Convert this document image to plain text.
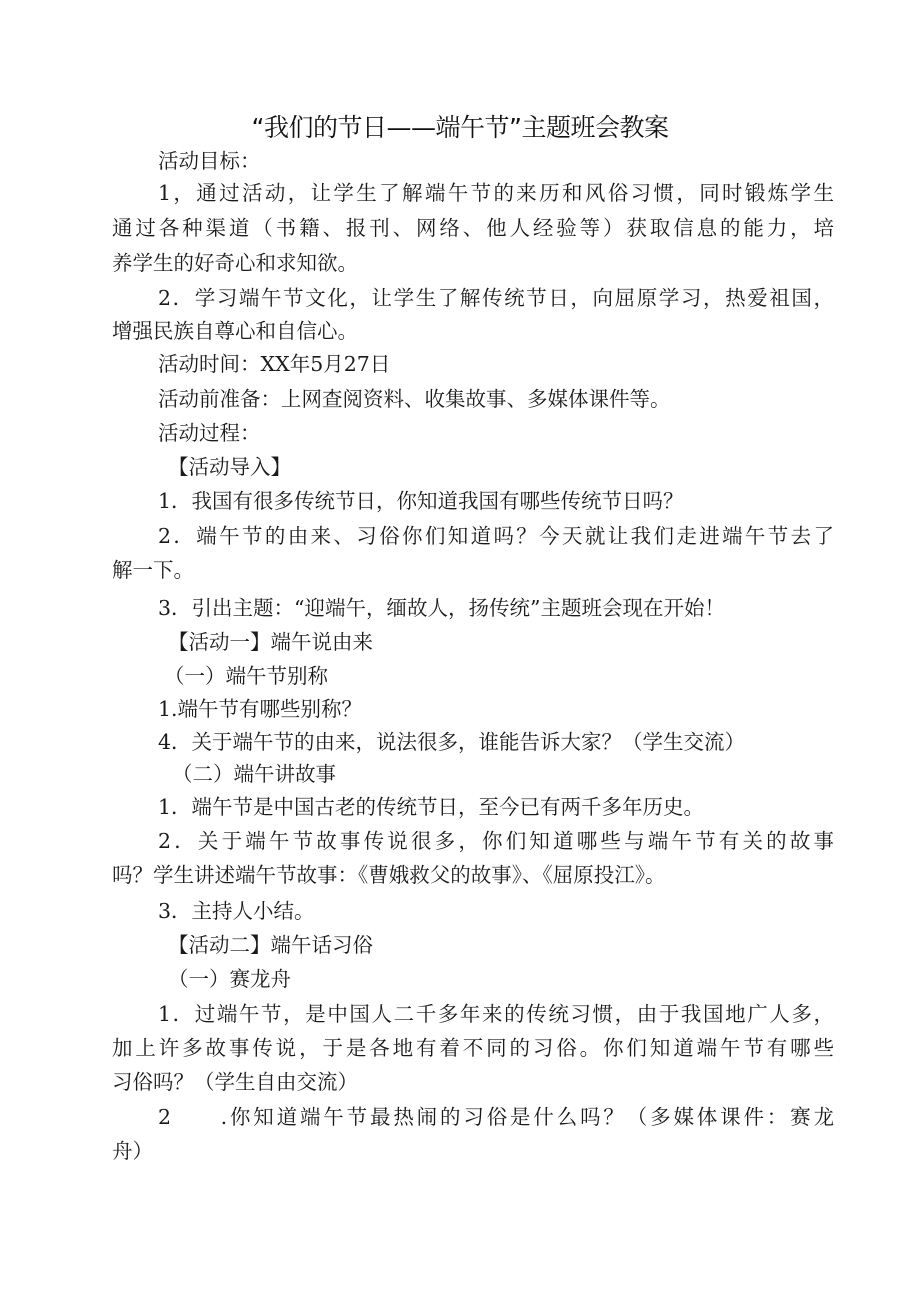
“我们的节日——端午节”主题班会教案
活动目标：
1，通过活动，让学生了解端午节的来历和风俗习惯，同时锻炼学生
通过各种渠道（书籍、报刊、网络、他人经验等）获取信息的能力，培
养学生的好奇心和求知欲。
2．学习端午节文化，让学生了解传统节日，向屈原学习，热爱祖国，
增强民族自尊心和自信心。
活动时间：XX年5月27日
活动前准备：上网查阅资料、收集故事、多媒体课件等。
活动过程：
【活动导入】
1．我国有很多传统节日，你知道我国有哪些传统节日吗？
2．端午节的由来、习俗你们知道吗？今天就让我们走进端午节去了
解一下。
3．引出主题：“迎端午，缅故人，扬传统”主题班会现在开始！
【活动一】端午说由来
（一）端午节别称
1.端午节有哪些别称？
4．关于端午节的由来，说法很多，谁能告诉大家？（学生交流）
（二）端午讲故事
1．端午节是中国古老的传统节日，至今已有两千多年历史。
2．关于端午节故事传说很多，你们知道哪些与端午节有关的故事
吗？学生讲述端午节故事：《曹娥救父的故事》、《屈原投江》。
3．主持人小结。
【活动二】端午话习俗
（一）赛龙舟
1．过端午节，是中国人二千多年来的传统习惯，由于我国地广人多，
加上许多故事传说，于是各地有着不同的习俗。你们知道端午节有哪些
习俗吗？（学生自由交流）
2　　.你知道端午节最热闹的习俗是什么吗？（多媒体课件：赛龙
舟）
